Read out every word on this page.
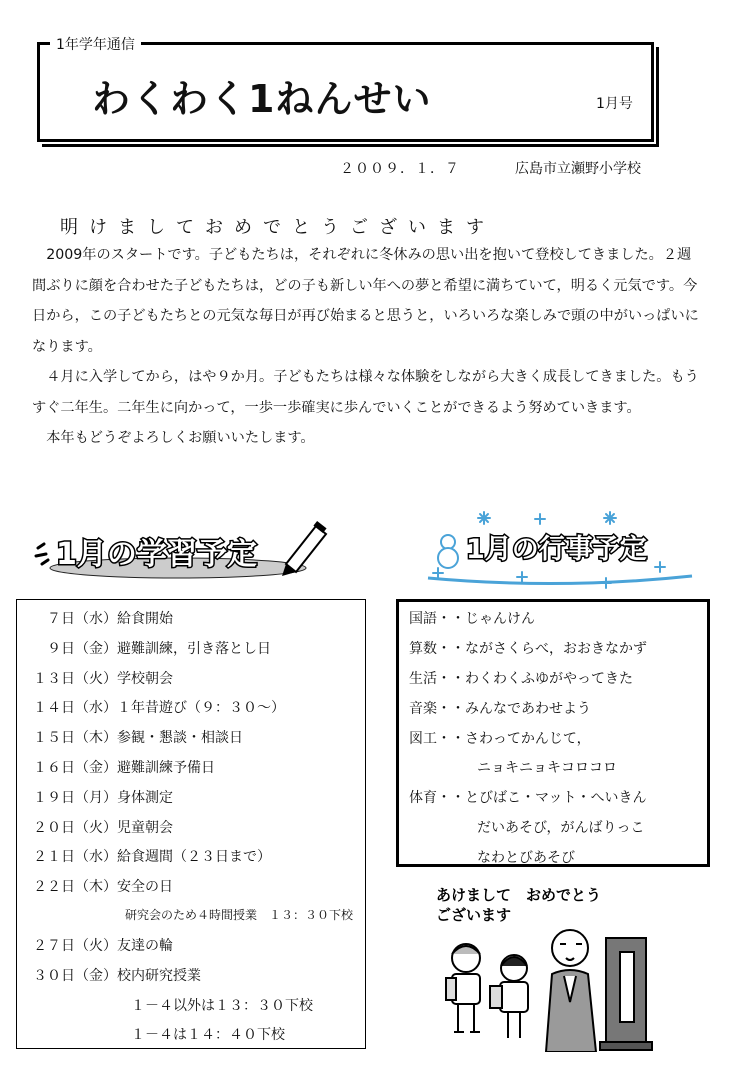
1年学年通信
わくわく1ねんせい	1月号
２００９．１．７	広島市立瀬野小学校
明けましておめでとうございます

　2009年のスタートです。子どもたちは，それぞれに冬休みの思い出を抱いて登校してきました。２週間ぶりに顔を合わせた子どもたちは，どの子も新しい年への夢と希望に満ちていて，明るく元気です。今日から，この子どもたちとの元気な毎日が再び始まると思うと，いろいろな楽しみで頭の中がいっぱいになります。

　４月に入学してから，はや９か月。子どもたちは様々な体験をしながら大きく成長してきました。もうすぐ二年生。二年生に向かって，一歩一歩確実に歩んでいくことができるよう努めていきます。

　本年もどうぞよろしくお願いいたします。

1月の学習予定	1月の行事予定
　７日（水）給食開始
　９日（金）避難訓練，引き落とし日
１３日（火）学校朝会
１４日（水）１年昔遊び（９：３０～）
１５日（木）参観・懇談・相談日
１６日（金）避難訓練予備日
１９日（月）身体測定
２０日（火）児童朝会
２１日（水）給食週間（２３日まで）
２２日（木）安全の日
研究会のため４時間授業　１３：３０下校
２７日（火）友達の輪
３０日（金）校内研究授業
１－４以外は１３：３０下校
１－４は１４：４０下校
国語・・じゃんけん
算数・・ながさくらべ，おおきなかず
生活・・わくわくふゆがやってきた
音楽・・みんなであわせよう
図工・・さわってかんじて，
ニョキニョキコロコロ
体育・・とびばこ・マット・へいきん
だいあそび，がんばりっこ
なわとびあそび
あけまして　おめでとう
ございます
